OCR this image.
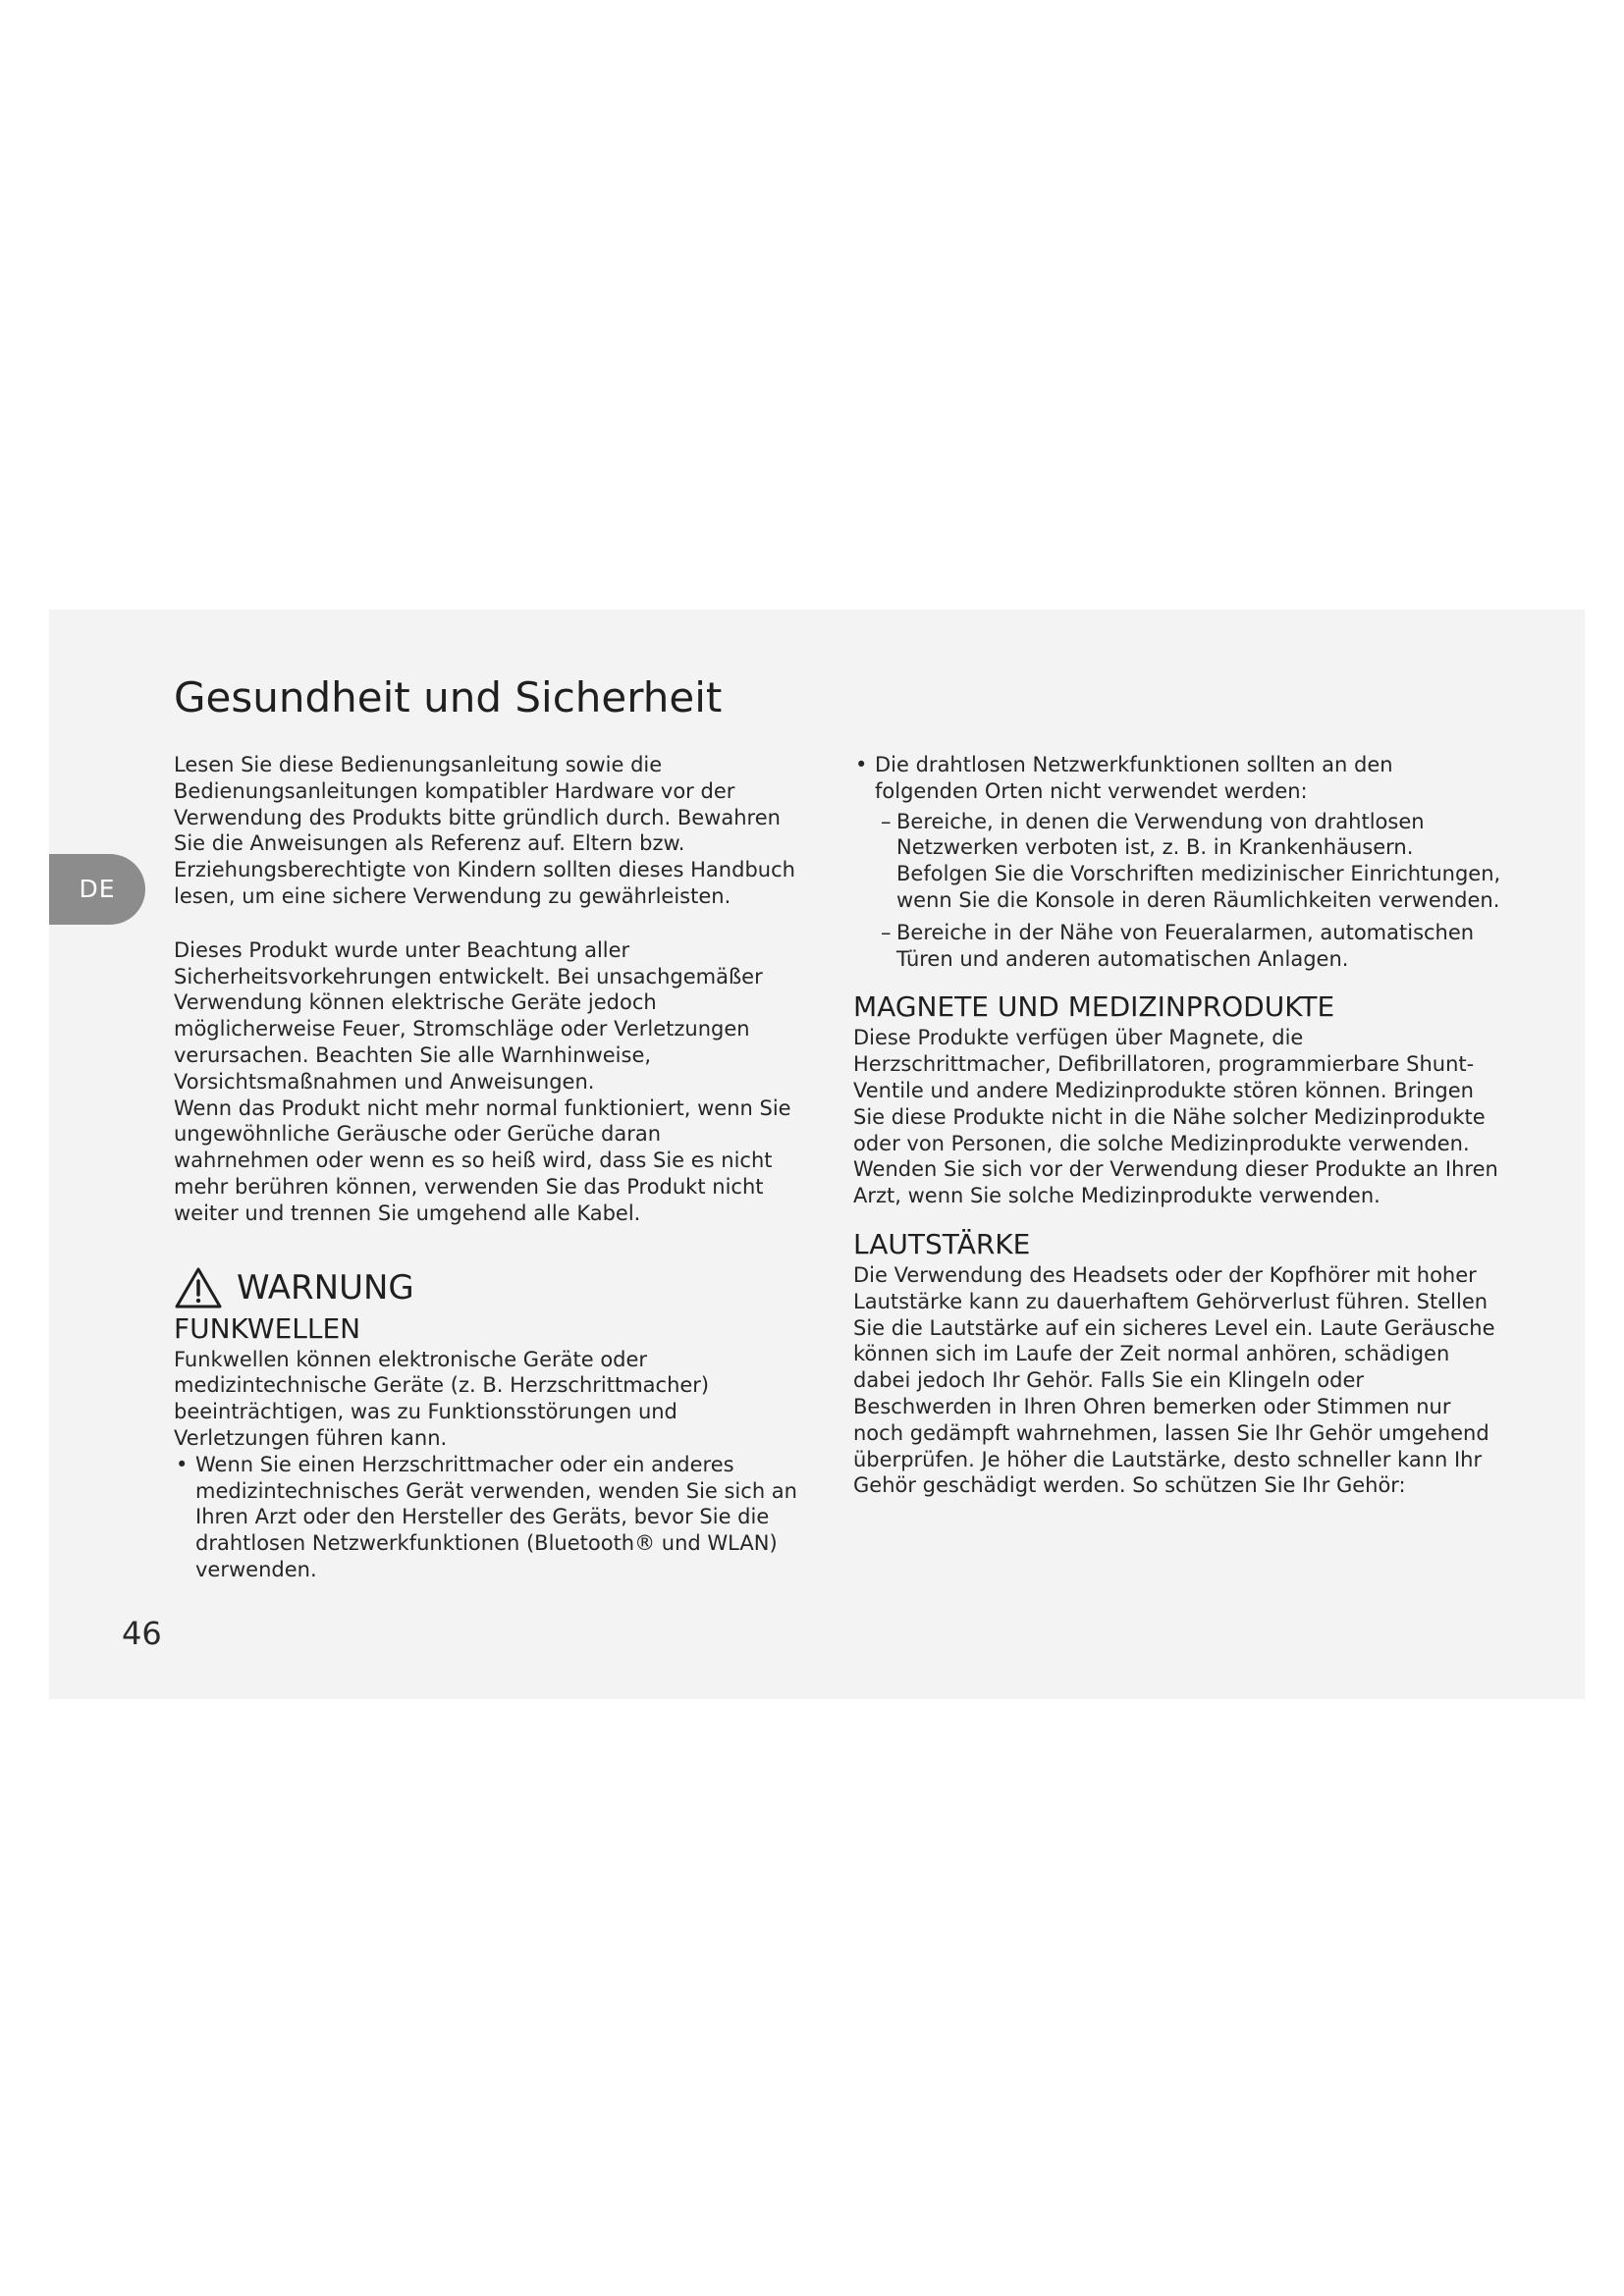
DE
Gesundheit und Sicherheit

Lesen Sie diese Bedienungsanleitung sowie die Bedienungsanleitungen kompatibler Hardware vor der Verwendung des Produkts bitte gründlich durch. Bewahren Sie die Anweisungen als Referenz auf. Eltern bzw. Erziehungsberechtigte von Kindern sollten dieses Handbuch lesen, um eine sichere Verwendung zu gewährleisten.

Dieses Produkt wurde unter Beachtung aller Sicherheitsvorkehrungen entwickelt. Bei unsachgemäßer Verwendung können elektrische Geräte jedoch möglicherweise Feuer, Stromschläge oder Verletzungen verursachen. Beachten Sie alle Warnhinweise, Vorsichtsmaßnahmen und Anweisungen.

Wenn das Produkt nicht mehr normal funktioniert, wenn Sie ungewöhnliche Geräusche oder Gerüche daran wahrnehmen oder wenn es so heiß wird, dass Sie es nicht mehr berühren können, verwenden Sie das Produkt nicht weiter und trennen Sie umgehend alle Kabel.

WARNUNG
FUNKWELLEN

Funkwellen können elektronische Geräte oder medizintechnische Geräte (z. B. Herzschrittmacher) beeinträchtigen, was zu Funktionsstörungen und Verletzungen führen kann.

• Wenn Sie einen Herzschrittmacher oder ein anderes medizintechnisches Gerät verwenden, wenden Sie sich an Ihren Arzt oder den Hersteller des Geräts, bevor Sie die drahtlosen Netzwerkfunktionen (Bluetooth® und WLAN) verwenden.
• Die drahtlosen Netzwerkfunktionen sollten an den folgenden Orten nicht verwendet werden:
– Bereiche, in denen die Verwendung von drahtlosen Netzwerken verboten ist, z. B. in Krankenhäusern. Befolgen Sie die Vorschriften medizinischer Einrichtungen, wenn Sie die Konsole in deren Räumlichkeiten verwenden.
– Bereiche in der Nähe von Feueralarmen, automatischen Türen und anderen automatischen Anlagen.
MAGNETE UND MEDIZINPRODUKTE

Diese Produkte verfügen über Magnete, die Herzschrittmacher, Defibrillatoren, programmierbare Shunt-Ventile und andere Medizinprodukte stören können. Bringen Sie diese Produkte nicht in die Nähe solcher Medizinprodukte oder von Personen, die solche Medizinprodukte verwenden. Wenden Sie sich vor der Verwendung dieser Produkte an Ihren Arzt, wenn Sie solche Medizinprodukte verwenden.

LAUTSTÄRKE

Die Verwendung des Headsets oder der Kopfhörer mit hoher Lautstärke kann zu dauerhaftem Gehörverlust führen. Stellen Sie die Lautstärke auf ein sicheres Level ein. Laute Geräusche können sich im Laufe der Zeit normal anhören, schädigen dabei jedoch Ihr Gehör. Falls Sie ein Klingeln oder Beschwerden in Ihren Ohren bemerken oder Stimmen nur noch gedämpft wahrnehmen, lassen Sie Ihr Gehör umgehend überprüfen. Je höher die Lautstärke, desto schneller kann Ihr Gehör geschädigt werden. So schützen Sie Ihr Gehör:

46
